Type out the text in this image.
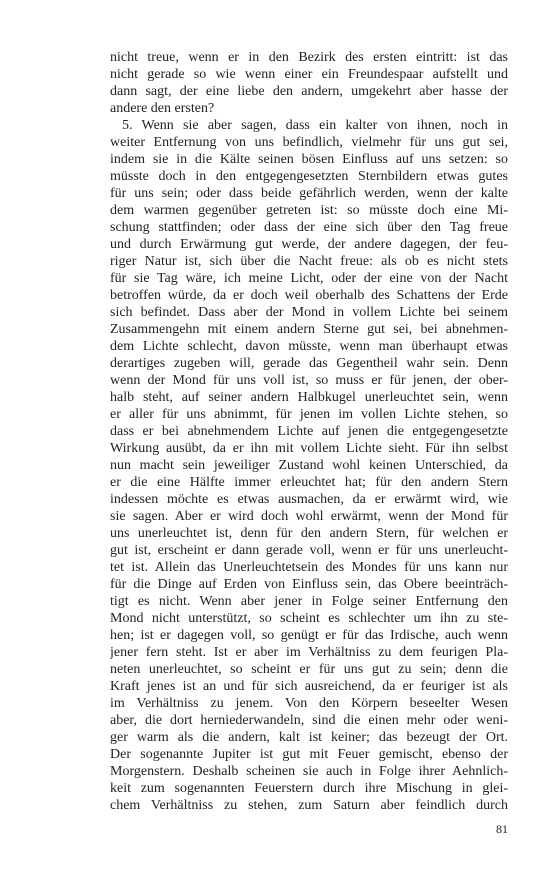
nicht treue, wenn er in den Bezirk des ersten eintritt: ist das
nicht gerade so wie wenn einer ein Freundespaar aufstellt und
dann sagt, der eine liebe den andern, umgekehrt aber hasse der
andere den ersten?
5. Wenn sie aber sagen, dass ein kalter von ihnen, noch in
weiter Entfernung von uns befindlich, vielmehr für uns gut sei,
indem sie in die Kälte seinen bösen Einfluss auf uns setzen: so
müsste doch in den entgegengesetzten Sternbildern etwas gutes
für uns sein; oder dass beide gefährlich werden, wenn der kalte
dem warmen gegenüber getreten ist: so müsste doch eine Mi-
schung stattfinden; oder dass der eine sich über den Tag freue
und durch Erwärmung gut werde, der andere dagegen, der feu-
riger Natur ist, sich über die Nacht freue: als ob es nicht stets
für sie Tag wäre, ich meine Licht, oder der eine von der Nacht
betroffen würde, da er doch weil oberhalb des Schattens der Erde
sich befindet. Dass aber der Mond in vollem Lichte bei seinem
Zusammengehn mit einem andern Sterne gut sei, bei abnehmen-
dem Lichte schlecht, davon müsste, wenn man überhaupt etwas
derartiges zugeben will, gerade das Gegentheil wahr sein. Denn
wenn der Mond für uns voll ist, so muss er für jenen, der ober-
halb steht, auf seiner andern Halbkugel unerleuchtet sein, wenn
er aller für uns abnimmt, für jenen im vollen Lichte stehen, so
dass er bei abnehmendem Lichte auf jenen die entgegengesetzte
Wirkung ausübt, da er ihn mit vollem Lichte sieht. Für ihn selbst
nun macht sein jeweiliger Zustand wohl keinen Unterschied, da
er die eine Hälfte immer erleuchtet hat; für den andern Stern
indessen möchte es etwas ausmachen, da er erwärmt wird, wie
sie sagen. Aber er wird doch wohl erwärmt, wenn der Mond für
uns unerleuchtet ist, denn für den andern Stern, für welchen er
gut ist, erscheint er dann gerade voll, wenn er für uns unerleucht-
tet ist. Allein das Unerleuchtetsein des Mondes für uns kann nur
für die Dinge auf Erden von Einfluss sein, das Obere beeinträch-
tigt es nicht. Wenn aber jener in Folge seiner Entfernung den
Mond nicht unterstützt, so scheint es schlechter um ihn zu ste-
hen; ist er dagegen voll, so genügt er für das Irdische, auch wenn
jener fern steht. Ist er aber im Verhältniss zu dem feurigen Pla-
neten unerleuchtet, so scheint er für uns gut zu sein; denn die
Kraft jenes ist an und für sich ausreichend, da er feuriger ist als
im Verhältniss zu jenem. Von den Körpern beseelter Wesen
aber, die dort herniederwandeln, sind die einen mehr oder weni-
ger warm als die andern, kalt ist keiner; das bezeugt der Ort.
Der sogenannte Jupiter ist gut mit Feuer gemischt, ebenso der
Morgenstern. Deshalb scheinen sie auch in Folge ihrer Aehnlich-
keit zum sogenannten Feuerstern durch ihre Mischung in glei-
chem Verhältniss zu stehen, zum Saturn aber feindlich durch
81
